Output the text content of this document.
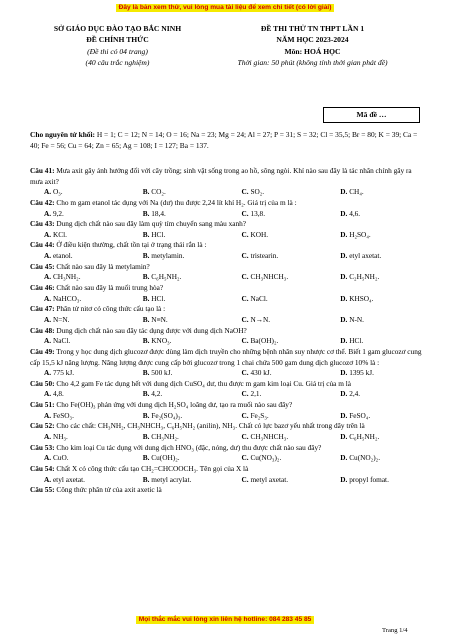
Đây là bản xem thử, vui lòng mua tài liệu để xem chi tiết (có lời giải)
SỞ GIÁO DỤC ĐÀO TẠO BẮC NINH
ĐỀ CHÍNH THỨC
(Đề thi có 04 trang)
(40 câu trắc nghiệm)
ĐỀ THI THỬ TN THPT LẦN 1
NĂM HỌC 2023-2024
Môn: HOÁ HỌC
Thời gian: 50 phút (không tính thời gian phát đề)
Mã đề …
Cho nguyên tử khối: H = 1; C = 12; N = 14; O = 16; Na = 23; Mg = 24; Al = 27; P = 31; S = 32; Cl = 35,5; Br = 80; K = 39; Ca = 40; Fe = 56; Cu = 64; Zn = 65; Ag = 108; I = 127; Ba = 137.
Câu 41: Mưa axit gây ảnh hưởng đối với cây trồng; sinh vật sống trong ao hồ, sông ngòi. Khí nào sau đây là tác nhân chính gây ra mưa axit?
A. O₃.	B. CO₂.	C. SO₂.	D. CH₄.
Câu 42: Cho m gam etanol tác dụng với Na (dư) thu được 2,24 lít khí H₂. Giá trị của m là :
A. 9,2.	B. 18,4.	C. 13,8.	D. 4,6.
Câu 43: Dung dịch chất nào sau đây làm quỳ tím chuyển sang màu xanh?
A. KCl.	B. HCl.	C. KOH.	D. H₂SO₄.
Câu 44: Ở điều kiện thường, chất tồn tại ở trạng thái rắn là :
A. etanol.	B. metylamin.	C. tristearin.	D. etyl axetat.
Câu 45: Chất nào sau đây là metylamin?
A. CH₃NH₂.	B. C₆H₅NH₂.	C. CH₃NHCH₃.	D. C₂H₅NH₂.
Câu 46: Chất nào sau đây là muối trung hòa?
A. NaHCO₃.	B. HCl.	C. NaCl.	D. KHSO₄.
Câu 47: Phân tử nitơ có công thức cấu tạo là :
A. N=N.	B. N≡N.	C. N→N.	D. N-N.
Câu 48: Dung dịch chất nào sau đây tác dụng được với dung dịch NaOH?
A. NaCl.	B. KNO₃.	C. Ba(OH)₂.	D. HCl.
Câu 49: Trong y học dung dịch glucozơ được dùng làm dịch truyền cho những bệnh nhân suy nhược cơ thể. Biết 1 gam glucozơ cung cấp 15,5 kJ năng lượng. Năng lượng được cung cấp bởi glucozơ trong 1 chai chứa 500 gam dung dịch glucozơ 10% là :
A. 775 kJ.	B. 500 kJ.	C. 430 kJ.	D. 1395 kJ.
Câu 50: Cho 4,2 gam Fe tác dụng hết với dung dịch CuSO₄ dư, thu được m gam kim loại Cu. Giá trị của m là
A. 4,8.	B. 4,2.	C. 2,1.	D. 2,4.
Câu 51: Cho Fe(OH)₃ phản ứng với dung dịch H₂SO₄ loãng dư, tạo ra muối nào sau đây?
A. FeSO₃.	B. Fe₂(SO₄)₃.	C. Fe₂S₃.	D. FeSO₄.
Câu 52: Cho các chất: CH₃NH₂, CH₃NHCH₃, C₆H₅NH₂ (anilin), NH₃. Chất có lực bazơ yếu nhất trong dãy trên là
A. NH₃.	B. CH₃NH₂.	C. CH₃NHCH₃.	D. C₆H₅NH₂.
Câu 53: Cho kim loại Cu tác dụng với dung dịch HNO₃ (đặc, nóng, dư) thu được chất nào sau đây?
A. CuO.	B. Cu(OH)₂.	C. Cu(NO₃)₂.	D. Cu(NO₂)₂.
Câu 54: Chất X có công thức cấu tạo CH₂=CHCOOCH₃. Tên gọi của X là
A. etyl axetat.	B. metyl acrylat.	C. metyl axetat.	D. propyl fomat.
Câu 55: Công thức phân tử của axit axetic là
Mọi thắc mắc vui lòng xin liên hệ hotline: 084 283 45 85
Trang 1/4
